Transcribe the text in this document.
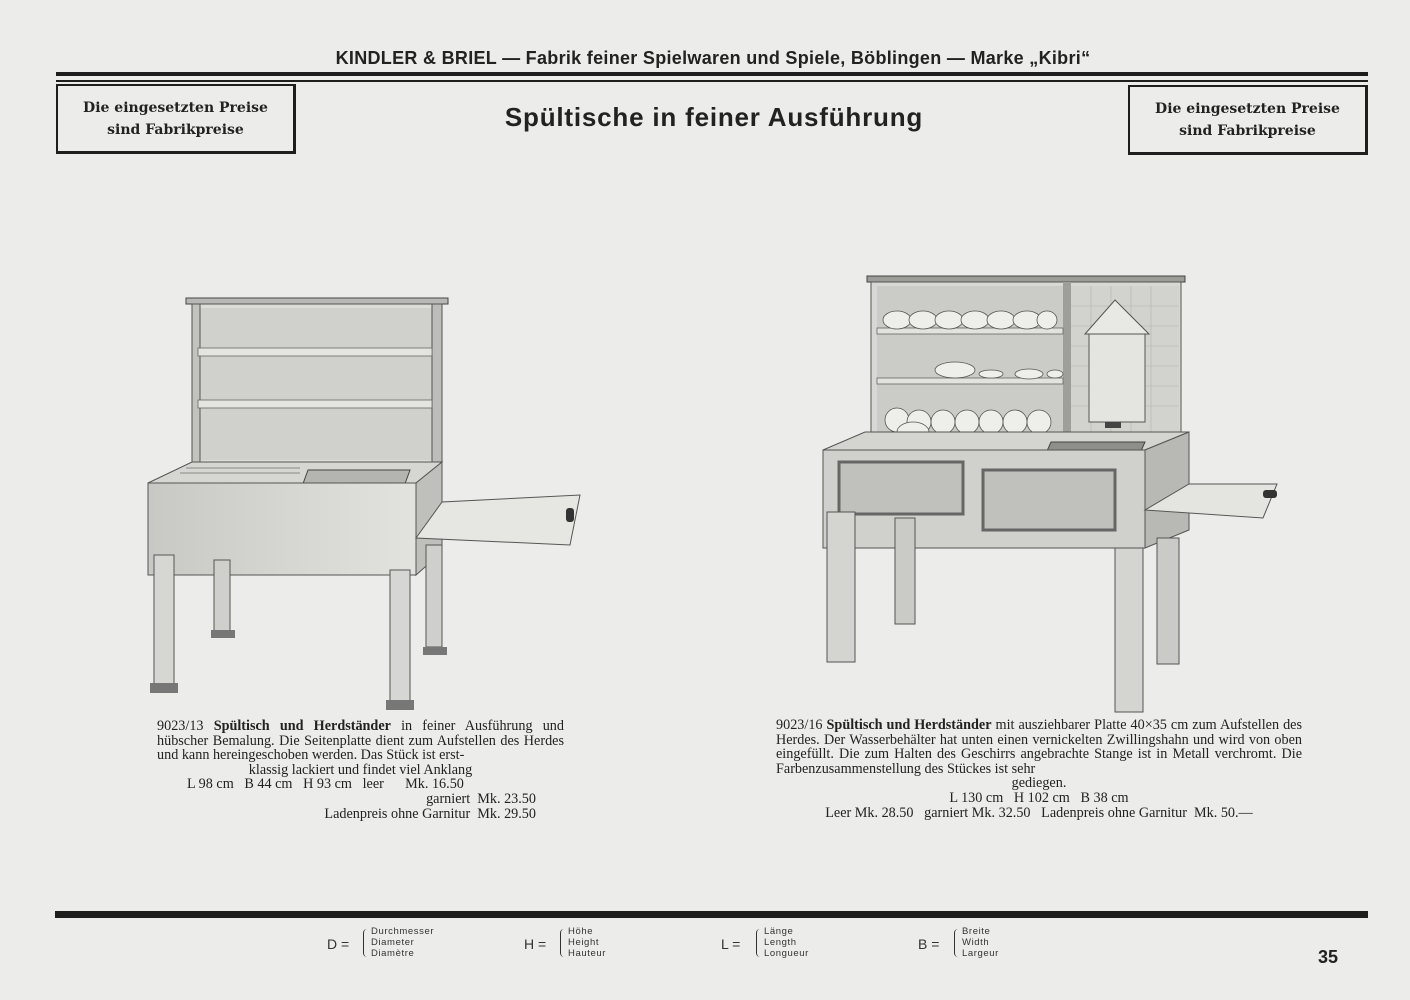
KINDLER & BRIEL — Fabrik feiner Spielwaren und Spiele, Böblingen — Marke „Kibri“
Die eingesetzten Preise
sind Fabrikpreise
Die eingesetzten Preise
sind Fabrikpreise
Spültische in feiner Ausführung
9023/13 Spültisch und Herdständer in feiner Ausführung und hübscher Bemalung. Die Seitenplatte dient zum Aufstellen des Herdes und kann hereingeschoben werden. Das Stück ist erst-
klassig lackiert und findet viel Anklang
L 98 cm   B 44 cm   H 93 cm   leer      Mk. 16.50
garniert  Mk. 23.50
Ladenpreis ohne Garnitur  Mk. 29.50
9023/16 Spültisch und Herdständer mit ausziehbarer Platte 40×35 cm zum Aufstellen des Herdes. Der Wasserbehälter hat unten einen vernickelten Zwillingshahn und wird von oben eingefüllt. Die zum Halten des Geschirrs angebrachte Stange ist in Metall verchromt. Die Farbenzusammenstellung des Stückes ist sehr
gediegen.
L 130 cm   H 102 cm   B 38 cm
Leer Mk. 28.50   garniert Mk. 32.50   Ladenpreis ohne Garnitur  Mk. 50.—
D =
Durchmesser
Diameter
Diamètre
H =
Höhe
Height
Hauteur
L =
Länge
Length
Longueur
B =
Breite
Width
Largeur	35
